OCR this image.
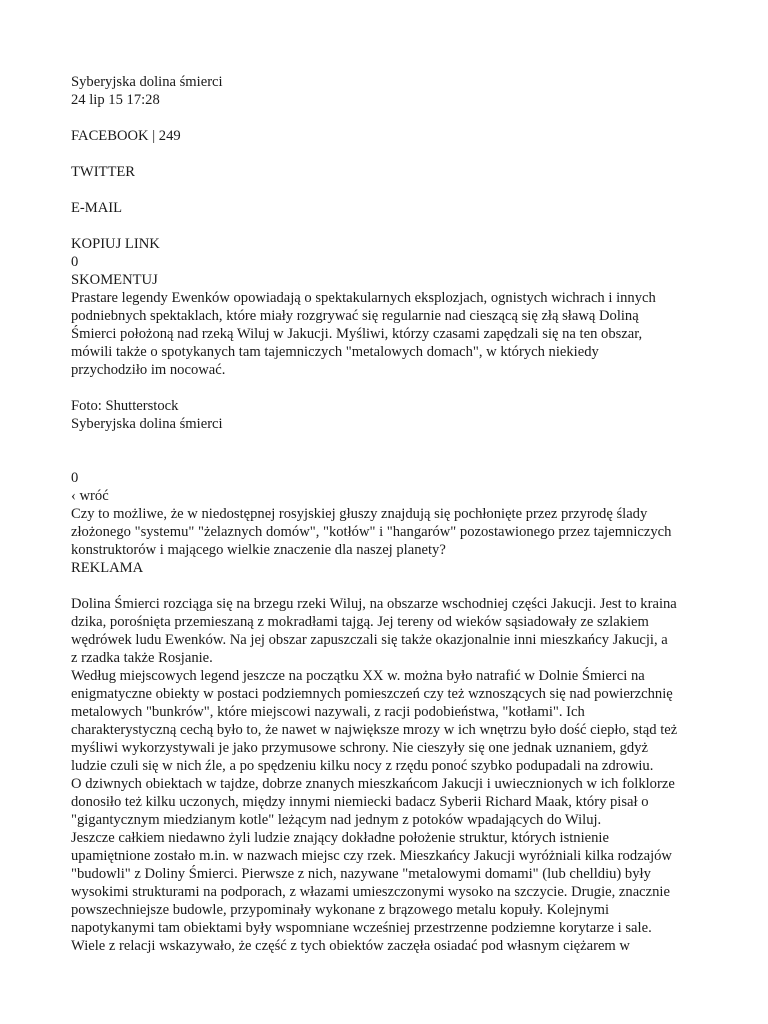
Syberyjska dolina śmierci
24 lip 15 17:28
FACEBOOK | 249
TWITTER
E-MAIL
KOPIUJ LINK
0
SKOMENTUJ
Prastare legendy Ewenków opowiadają o spektakularnych eksplozjach, ognistych wichrach i innych
podniebnych spektaklach, które miały rozgrywać się regularnie nad cieszącą się złą sławą Doliną
Śmierci położoną nad rzeką Wiluj w Jakucji. Myśliwi, którzy czasami zapędzali się na ten obszar,
mówili także o spotykanych tam tajemniczych "metalowych domach", w których niekiedy
przychodziło im nocować.
Foto: Shutterstock
Syberyjska dolina śmierci
0
‹ wróć
Czy to możliwe, że w niedostępnej rosyjskiej głuszy znajdują się pochłonięte przez przyrodę ślady
złożonego "systemu" "żelaznych domów", "kotłów" i "hangarów" pozostawionego przez tajemniczych
konstruktorów i mającego wielkie znaczenie dla naszej planety?
REKLAMA
Dolina Śmierci rozciąga się na brzegu rzeki Wiluj, na obszarze wschodniej części Jakucji. Jest to kraina
dzika, porośnięta przemieszaną z mokradłami tajgą. Jej tereny od wieków sąsiadowały ze szlakiem
wędrówek ludu Ewenków. Na jej obszar zapuszczali się także okazjonalnie inni mieszkańcy Jakucji, a
z rzadka także Rosjanie.
Według miejscowych legend jeszcze na początku XX w. można było natrafić w Dolnie Śmierci na
enigmatyczne obiekty w postaci podziemnych pomieszczeń czy też wznoszących się nad powierzchnię
metalowych "bunkrów", które miejscowi nazywali, z racji podobieństwa, "kotłami". Ich
charakterystyczną cechą było to, że nawet w największe mrozy w ich wnętrzu było dość ciepło, stąd też
myśliwi wykorzystywali je jako przymusowe schrony. Nie cieszyły się one jednak uznaniem, gdyż
ludzie czuli się w nich źle, a po spędzeniu kilku nocy z rzędu ponoć szybko podupadali na zdrowiu.
O dziwnych obiektach w tajdze, dobrze znanych mieszkańcom Jakucji i uwiecznionych w ich folklorze
donosiło też kilku uczonych, między innymi niemiecki badacz Syberii Richard Maak, który pisał o
"gigantycznym miedzianym kotle" leżącym nad jednym z potoków wpadających do Wiluj.
Jeszcze całkiem niedawno żyli ludzie znający dokładne położenie struktur, których istnienie
upamiętnione zostało m.in. w nazwach miejsc czy rzek. Mieszkańcy Jakucji wyróżniali kilka rodzajów
"budowli" z Doliny Śmierci. Pierwsze z nich, nazywane "metalowymi domami" (lub chelldiu) były
wysokimi strukturami na podporach, z włazami umieszczonymi wysoko na szczycie. Drugie, znacznie
powszechniejsze budowle, przypominały wykonane z brązowego metalu kopuły. Kolejnymi
napotykanymi tam obiektami były wspomniane wcześniej przestrzenne podziemne korytarze i sale.
Wiele z relacji wskazywało, że część z tych obiektów zaczęła osiadać pod własnym ciężarem w
